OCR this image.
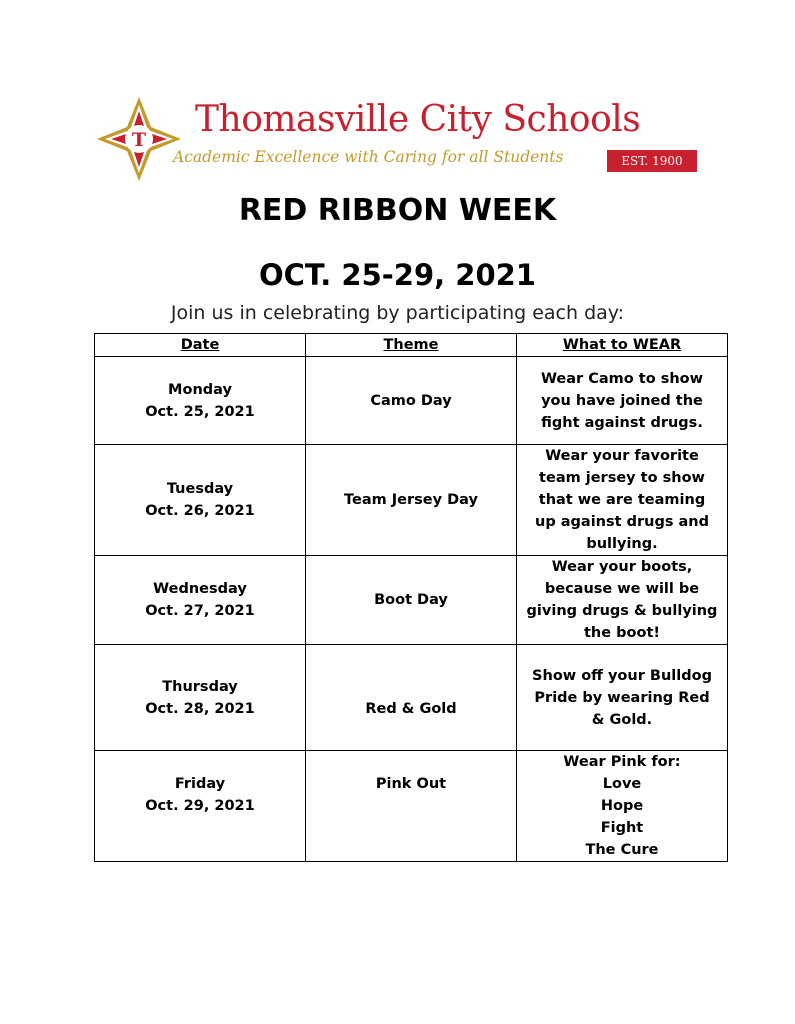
T Thomasville City Schools
Academic Excellence with Caring for all Students	EST. 1900
RED RIBBON WEEK
OCT. 25-29, 2021
Join us in celebrating by participating each day:
Date	Theme	What to WEAR

Monday
Oct. 25, 2021	Camo Day	Wear Camo to show
you have joined the
fight against drugs.

Tuesday
Oct. 26, 2021	Team Jersey Day	Wear your favorite
team jersey to show
that we are teaming
up against drugs and
bullying.

Wednesday
Oct. 27, 2021	Boot Day	Wear your boots,
because we will be
giving drugs & bullying
the boot!

Thursday
Oct. 28, 2021	Red & Gold	Show off your Bulldog
Pride by wearing Red
& Gold.

Friday
Oct. 29, 2021	Pink Out	Wear Pink for:
Love
Hope
Fight
The Cure
